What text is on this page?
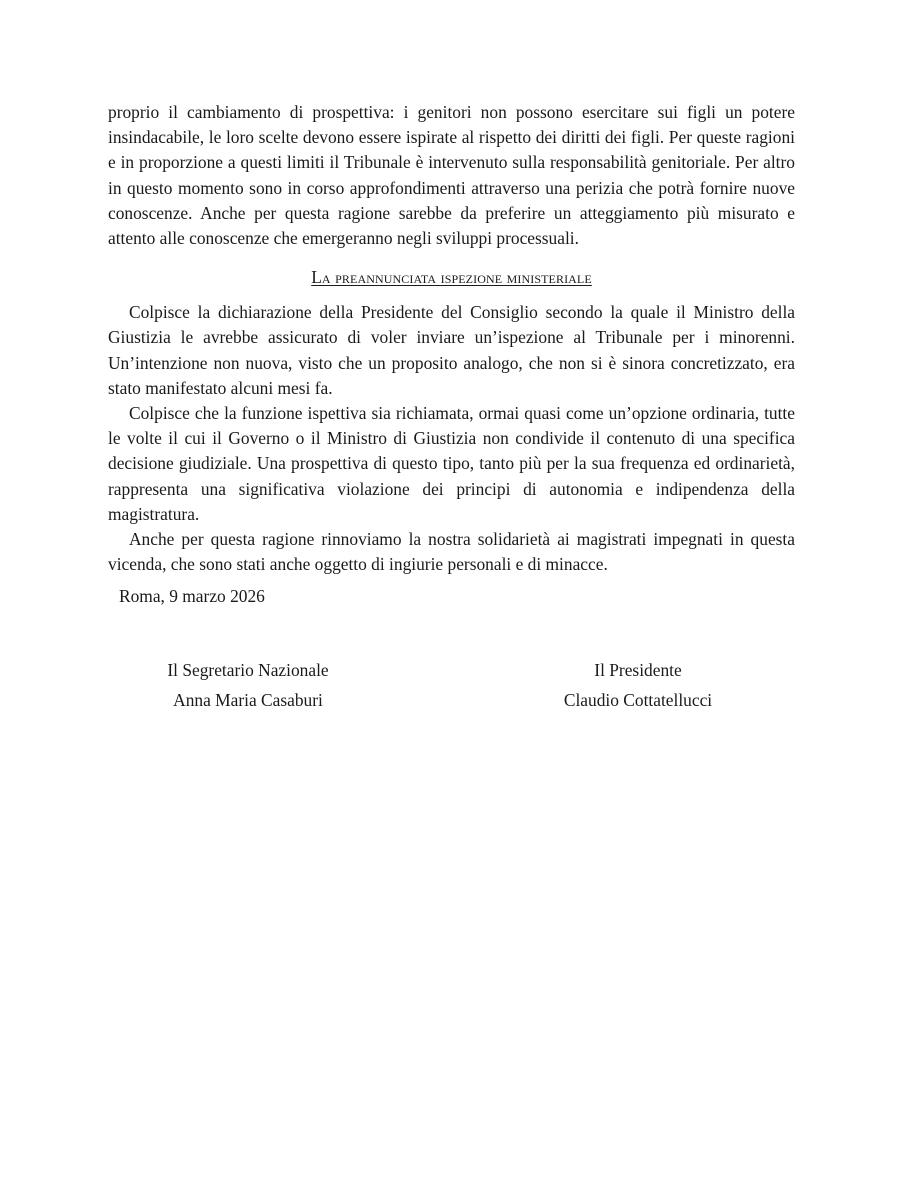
proprio il cambiamento di prospettiva: i genitori non possono esercitare sui figli un potere insindacabile, le loro scelte devono essere ispirate al rispetto dei diritti dei figli. Per queste ragioni e in proporzione a questi limiti il Tribunale è intervenuto sulla responsabilità genitoriale. Per altro in questo momento sono in corso approfondimenti attraverso una perizia che potrà fornire nuove conoscenze. Anche per questa ragione sarebbe da preferire un atteggiamento più misurato e attento alle conoscenze che emergeranno negli sviluppi processuali.

La preannunciata ispezione ministeriale

Colpisce la dichiarazione della Presidente del Consiglio secondo la quale il Ministro della Giustizia le avrebbe assicurato di voler inviare un’ispezione al Tribunale per i minorenni. Un’intenzione non nuova, visto che un proposito analogo, che non si è sinora concretizzato, era stato manifestato alcuni mesi fa.

Colpisce che la funzione ispettiva sia richiamata, ormai quasi come un’opzione ordinaria, tutte le volte il cui il Governo o il Ministro di Giustizia non condivide il contenuto di una specifica decisione giudiziale. Una prospettiva di questo tipo, tanto più per la sua frequenza ed ordinarietà, rappresenta una significativa violazione dei principi di autonomia e indipendenza della magistratura.

Anche per questa ragione rinnoviamo la nostra solidarietà ai magistrati impegnati in questa vicenda, che sono stati anche oggetto di ingiurie personali e di minacce.

Roma, 9 marzo 2026

Il Segretario Nazionale
Anna Maria Casaburi
Il Presidente
Claudio Cottatellucci
